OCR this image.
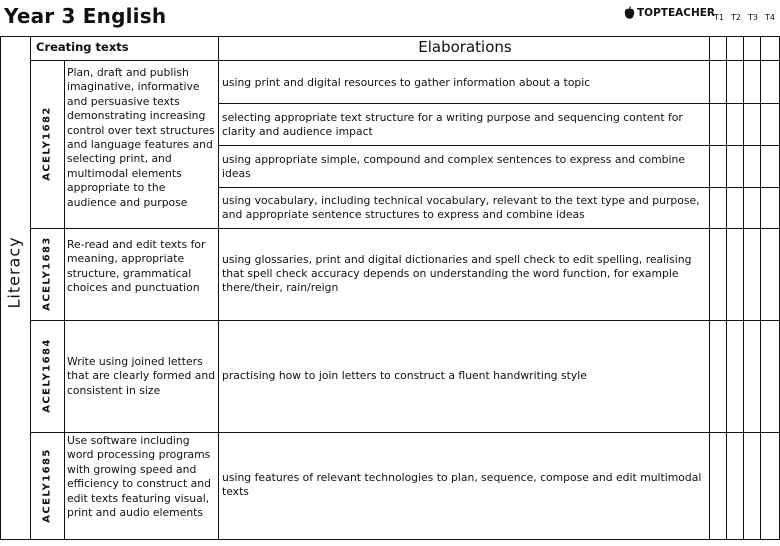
Year 3 English	TOPTEACHER T1 T2 T3 T4
Creating texts	Elaborations
Literacy
ACELY1682
Plan, draft and publish imaginative, informative and persuasive texts demonstrating increasing control over text structures and language features and selecting print, and multimodal elements appropriate to the audience and purpose
using print and digital resources to gather information about a topic
selecting appropriate text structure for a writing purpose and sequencing content for clarity and audience impact
using appropriate simple, compound and complex sentences to express and combine ideas
using vocabulary, including technical vocabulary, relevant to the text type and purpose, and appropriate sentence structures to express and combine ideas
ACELY1683 Re-read and edit texts for meaning, appropriate structure, grammatical choices and punctuation
using glossaries, print and digital dictionaries and spell check to edit spelling, realising that spell check accuracy depends on understanding the word function, for example there/their, rain/reign
ACELY1684 Write using joined letters that are clearly formed and consistent in size
practising how to join letters to construct a fluent handwriting style
ACELY1685
Use software including word processing programs with growing speed and efficiency to construct and edit texts featuring visual, print and audio elements
using features of relevant technologies to plan, sequence, compose and edit multimodal texts
